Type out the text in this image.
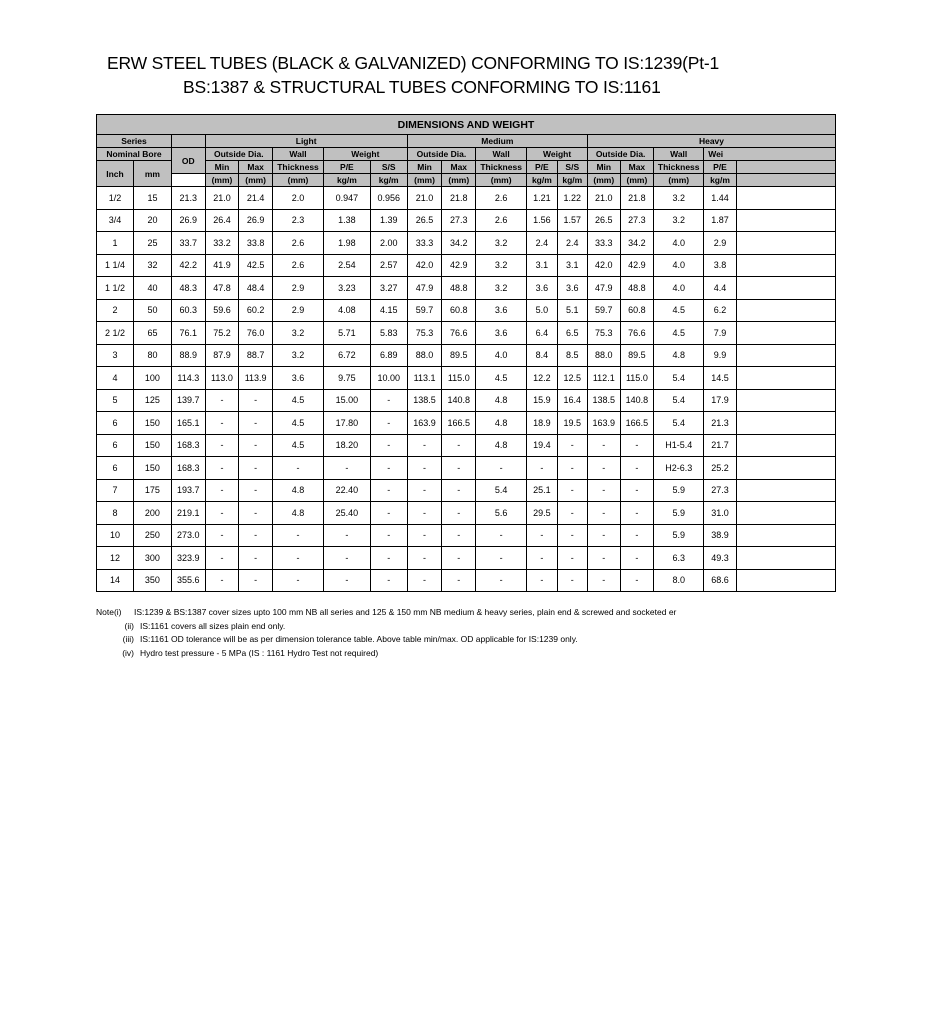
ERW STEEL TUBES (BLACK & GALVANIZED) CONFORMING TO IS:1239(Pt-1
BS:1387 & STRUCTURAL TUBES CONFORMING TO IS:1161
DIMENSIONS AND WEIGHT																	
Series			Light					Medium					Heavy				
Nominal Bore		OD	Outside Dia.		Wall	Weight		Outside Dia.		Wall	Weight		Outside Dia.		Wall	Wei	
Inch	mm		Min	Max	Thickness	P/E	S/S	Min	Max	Thickness	P/E	S/S	Min	Max	Thickness	P/E	
			(mm)	(mm)	(mm)	kg/m	kg/m	(mm)	(mm)	(mm)	kg/m	kg/m	(mm)	(mm)	(mm)	kg/m	
1/2	15	21.3	21.0	21.4	2.0	0.947	0.956	21.0	21.8	2.6	1.21	1.22	21.0	21.8	3.2	1.44	
3/4	20	26.9	26.4	26.9	2.3	1.38	1.39	26.5	27.3	2.6	1.56	1.57	26.5	27.3	3.2	1.87	
1	25	33.7	33.2	33.8	2.6	1.98	2.00	33.3	34.2	3.2	2.4	2.4	33.3	34.2	4.0	2.9	
1 1/4	32	42.2	41.9	42.5	2.6	2.54	2.57	42.0	42.9	3.2	3.1	3.1	42.0	42.9	4.0	3.8	
1 1/2	40	48.3	47.8	48.4	2.9	3.23	3.27	47.9	48.8	3.2	3.6	3.6	47.9	48.8	4.0	4.4	
2	50	60.3	59.6	60.2	2.9	4.08	4.15	59.7	60.8	3.6	5.0	5.1	59.7	60.8	4.5	6.2	
2 1/2	65	76.1	75.2	76.0	3.2	5.71	5.83	75.3	76.6	3.6	6.4	6.5	75.3	76.6	4.5	7.9	
3	80	88.9	87.9	88.7	3.2	6.72	6.89	88.0	89.5	4.0	8.4	8.5	88.0	89.5	4.8	9.9	
4	100	114.3	113.0	113.9	3.6	9.75	10.00	113.1	115.0	4.5	12.2	12.5	112.1	115.0	5.4	14.5	
5	125	139.7	-	-	4.5	15.00	-	138.5	140.8	4.8	15.9	16.4	138.5	140.8	5.4	17.9	
6	150	165.1	-	-	4.5	17.80	-	163.9	166.5	4.8	18.9	19.5	163.9	166.5	5.4	21.3	
6	150	168.3	-	-	4.5	18.20	-	-	-	4.8	19.4	-	-	-	H1-5.4	21.7	
6	150	168.3	-	-	-	-	-	-	-	-	-	-	-	-	H2-6.3	25.2	
7	175	193.7	-	-	4.8	22.40	-	-	-	5.4	25.1	-	-	-	5.9	27.3	
8	200	219.1	-	-	4.8	25.40	-	-	-	5.6	29.5	-	-	-	5.9	31.0	
10	250	273.0	-	-	-	-	-	-	-	-	-	-	-	-	5.9	38.9	
12	300	323.9	-	-	-	-	-	-	-	-	-	-	-	-	6.3	49.3	
14	350	355.6	-	-	-	-	-	-	-	-	-	-	-	-	8.0	68.6	
Note(i)	IS:1239 & BS:1387 cover sizes upto 100 mm NB all series and 125 & 150 mm NB medium & heavy series, plain end & screwed and socketed er
(ii) IS:1161 covers all sizes plain end only.
(iii) IS:1161 OD tolerance will be as per dimension tolerance table. Above table min/max. OD applicable for IS:1239 only.
(iv) Hydro test pressure - 5 MPa (IS : 1161 Hydro Test not required)
